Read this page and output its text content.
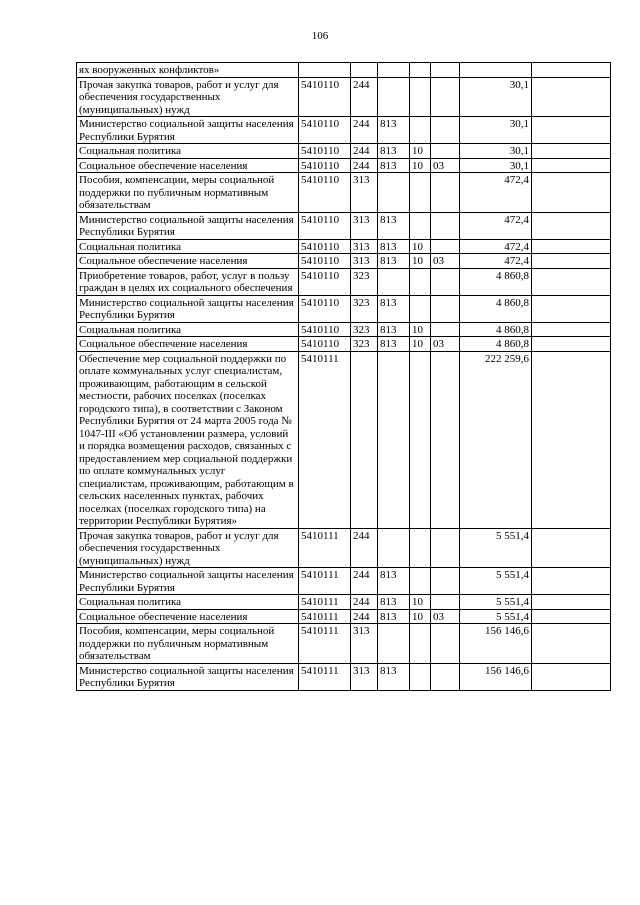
106
ях вооруженных конфликтов»							
Прочая закупка товаров, работ и услуг для обеспечения государственных (муниципальных) нужд	5410110	244				30,1	
Министерство социальной защиты населения Республики Бурятия	5410110	244	813			30,1	
Социальная политика	5410110	244	813	10		30,1	
Социальное обеспечение населения	5410110	244	813	10	03	30,1	
Пособия, компенсации, меры социальной поддержки по публичным нормативным обязательствам	5410110	313				472,4	
Министерство социальной защиты населения Республики Бурятия	5410110	313	813			472,4	
Социальная политика	5410110	313	813	10		472,4	
Социальное обеспечение населения	5410110	313	813	10	03	472,4	
Приобретение товаров, работ, услуг в пользу граждан в целях их социального обеспечения	5410110	323				4 860,8	
Министерство социальной защиты населения Республики Бурятия	5410110	323	813			4 860,8	
Социальная политика	5410110	323	813	10		4 860,8	
Социальное обеспечение населения	5410110	323	813	10	03	4 860,8	
Обеспечение мер социальной поддержки по оплате коммунальных услуг специалистам, проживающим, работающим в сельской местности, рабочих поселках (поселках городского типа), в соответствии с Законом Республики Бурятия от 24 марта 2005 года № 1047-III «Об установлении размера, условий и порядка возмещения расходов, связанных с предоставлением мер социальной поддержки по оплате коммунальных услуг специалистам, проживающим, работающим в сельских населенных пунктах, рабочих поселках (поселках городского типа) на территории Республики Бурятия»	5410111					222 259,6	
Прочая закупка товаров, работ и услуг для обеспечения государственных (муниципальных) нужд	5410111	244				5 551,4	
Министерство социальной защиты населения Республики Бурятия	5410111	244	813			5 551,4	
Социальная политика	5410111	244	813	10		5 551,4	
Социальное обеспечение населения	5410111	244	813	10	03	5 551,4	
Пособия, компенсации, меры социальной поддержки по публичным нормативным обязательствам	5410111	313				156 146,6	
Министерство социальной защиты населения Республики Бурятия	5410111	313	813			156 146,6	
